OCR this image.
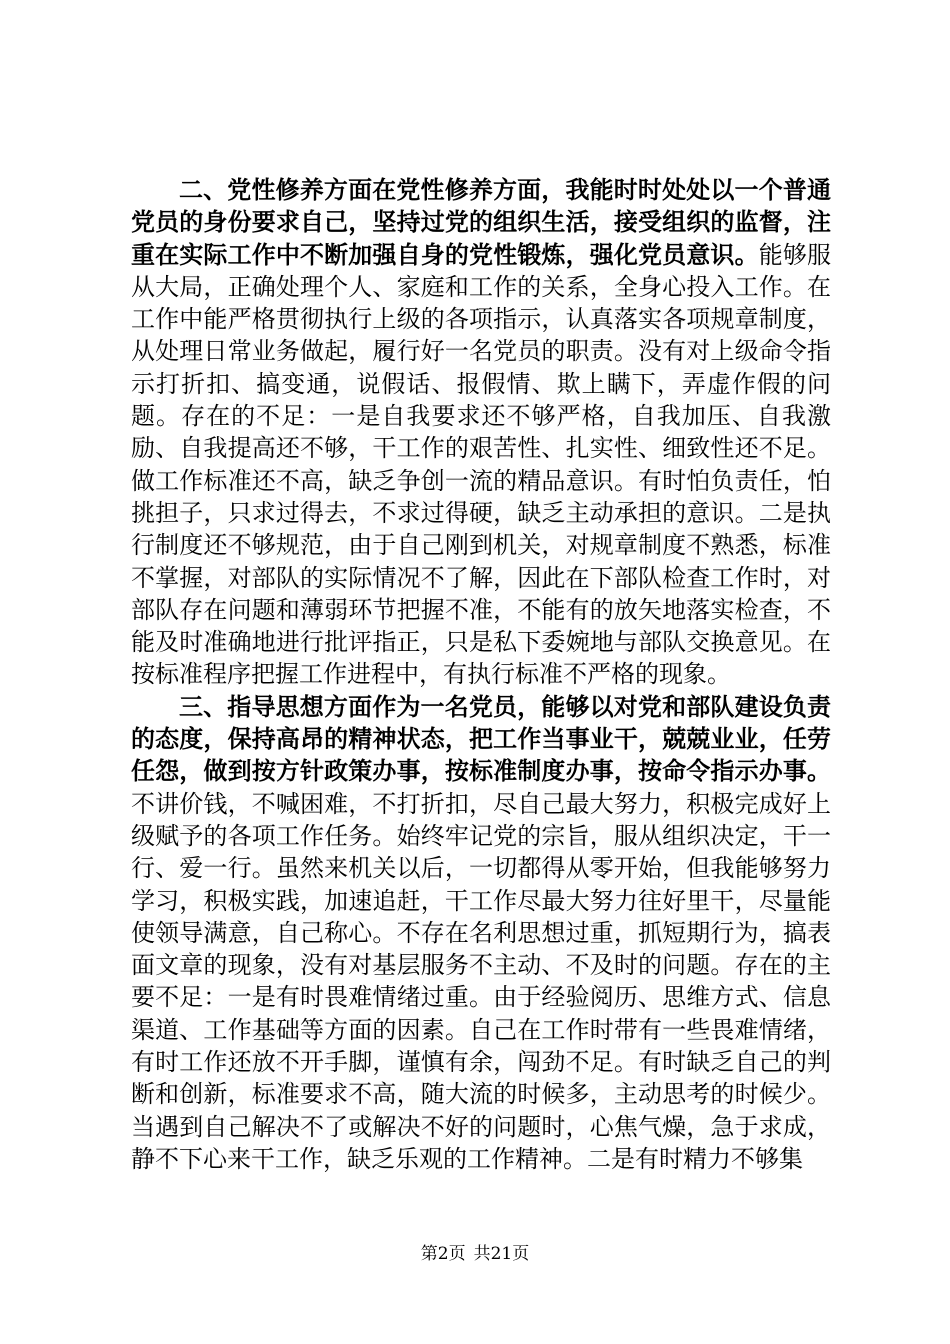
二、党性修养方面在党性修养方面，我能时时处处以一个普通党员的身份要求自己，坚持过党的组织生活，接受组织的监督，注重在实际工作中不断加强自身的党性锻炼，强化党员意识。能够服从大局，正确处理个人、家庭和工作的关系，全身心投入工作。在工作中能严格贯彻执行上级的各项指示，认真落实各项规章制度，从处理日常业务做起，履行好一名党员的职责。没有对上级命令指示打折扣、搞变通，说假话、报假情、欺上瞒下，弄虚作假的问题。存在的不足：一是自我要求还不够严格，自我加压、自我激励、自我提高还不够，干工作的艰苦性、扎实性、细致性还不足。做工作标准还不高，缺乏争创一流的精品意识。有时怕负责任，怕挑担子，只求过得去，不求过得硬，缺乏主动承担的意识。二是执行制度还不够规范，由于自己刚到机关，对规章制度不熟悉，标准不掌握，对部队的实际情况不了解，因此在下部队检查工作时，对部队存在问题和薄弱环节把握不准，不能有的放矢地落实检查，不能及时准确地进行批评指正，只是私下委婉地与部队交换意见。在按标准程序把握工作进程中，有执行标准不严格的现象。

三、指导思想方面作为一名党员，能够以对党和部队建设负责的态度，保持高昂的精神状态，把工作当事业干，兢兢业业，任劳任怨，做到按方针政策办事，按标准制度办事，按命令指示办事。不讲价钱，不喊困难，不打折扣，尽自己最大努力，积极完成好上级赋予的各项工作任务。始终牢记党的宗旨，服从组织决定，干一行、爱一行。虽然来机关以后，一切都得从零开始，但我能够努力学习，积极实践，加速追赶，干工作尽最大努力往好里干，尽量能使领导满意，自己称心。不存在名利思想过重，抓短期行为，搞表面文章的现象，没有对基层服务不主动、不及时的问题。存在的主要不足：一是有时畏难情绪过重。由于经验阅历、思维方式、信息渠道、工作基础等方面的因素。自己在工作时带有一些畏难情绪，有时工作还放不开手脚，谨慎有余，闯劲不足。有时缺乏自己的判断和创新，标准要求不高，随大流的时候多，主动思考的时候少。当遇到自己解决不了或解决不好的问题时，心焦气燥，急于求成，静不下心来干工作，缺乏乐观的工作精神。二是有时精力不够集

第2页 共21页
